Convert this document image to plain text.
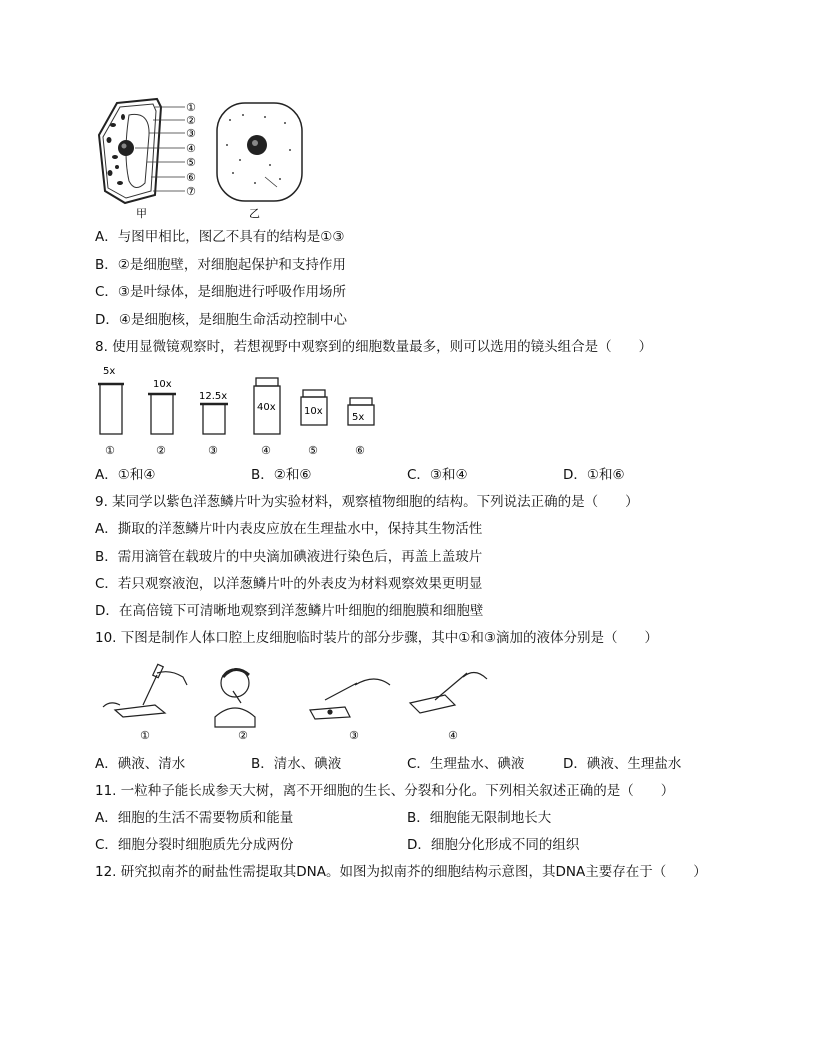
①
②
③
④
⑤
⑥
⑦
甲	乙
A．与图甲相比，图乙不具有的结构是①③
B．②是细胞壁，对细胞起保护和支持作用
C．③是叶绿体，是细胞进行呼吸作用场所
D．④是细胞核，是细胞生命活动控制中心
8. 使用显微镜观察时，若想视野中观察到的细胞数量最多，则可以选用的镜头组合是（　　）
5x
10x
12.5x
40x	10x
5x
①	②	③	④	⑤	⑥
A．①和④	B．②和⑥	C．③和④	D．①和⑥
9. 某同学以紫色洋葱鳞片叶为实验材料，观察植物细胞的结构。下列说法正确的是（　　）
A．撕取的洋葱鳞片叶内表皮应放在生理盐水中，保持其生物活性
B．需用滴管在载玻片的中央滴加碘液进行染色后，再盖上盖玻片
C．若只观察液泡，以洋葱鳞片叶的外表皮为材料观察效果更明显
D．在高倍镜下可清晰地观察到洋葱鳞片叶细胞的细胞膜和细胞壁
10. 下图是制作人体口腔上皮细胞临时装片的部分步骤，其中①和③滴加的液体分别是（　　）
①	②	③	④
A．碘液、清水	B．清水、碘液	C．生理盐水、碘液	D．碘液、生理盐水
11. 一粒种子能长成参天大树，离不开细胞的生长、分裂和分化。下列相关叙述正确的是（　　）
A．细胞的生活不需要物质和能量	B．细胞能无限制地长大
C．细胞分裂时细胞质先分成两份	D．细胞分化形成不同的组织
12. 研究拟南芥的耐盐性需提取其DNA。如图为拟南芥的细胞结构示意图，其DNA主要存在于（　　）
